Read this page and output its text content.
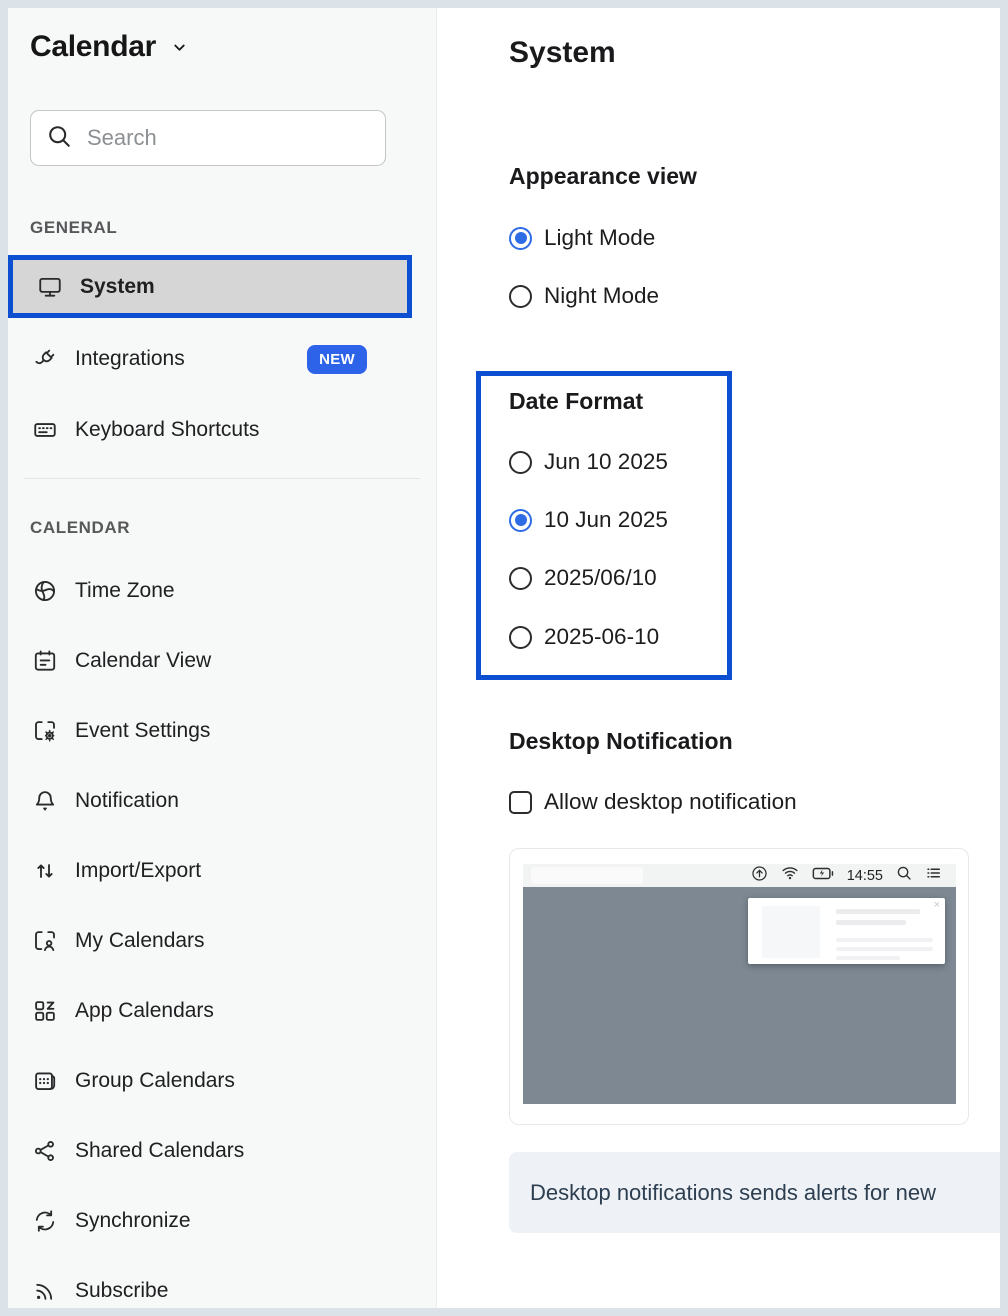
Calendar
Search
GENERAL
System
Integrations	NEW
Keyboard Shortcuts
CALENDAR
Time Zone
Calendar View
Event Settings
Notification
Import/Export
My Calendars
App Calendars
Group Calendars
Shared Calendars
Synchronize
Subscribe
System
Appearance view
Light Mode
Night Mode
Date Format
Jun 10 2025
10 Jun 2025
2025/06/10
2025-06-10
Desktop Notification
Allow desktop notification
14:55
×
Desktop notifications sends alerts for new
